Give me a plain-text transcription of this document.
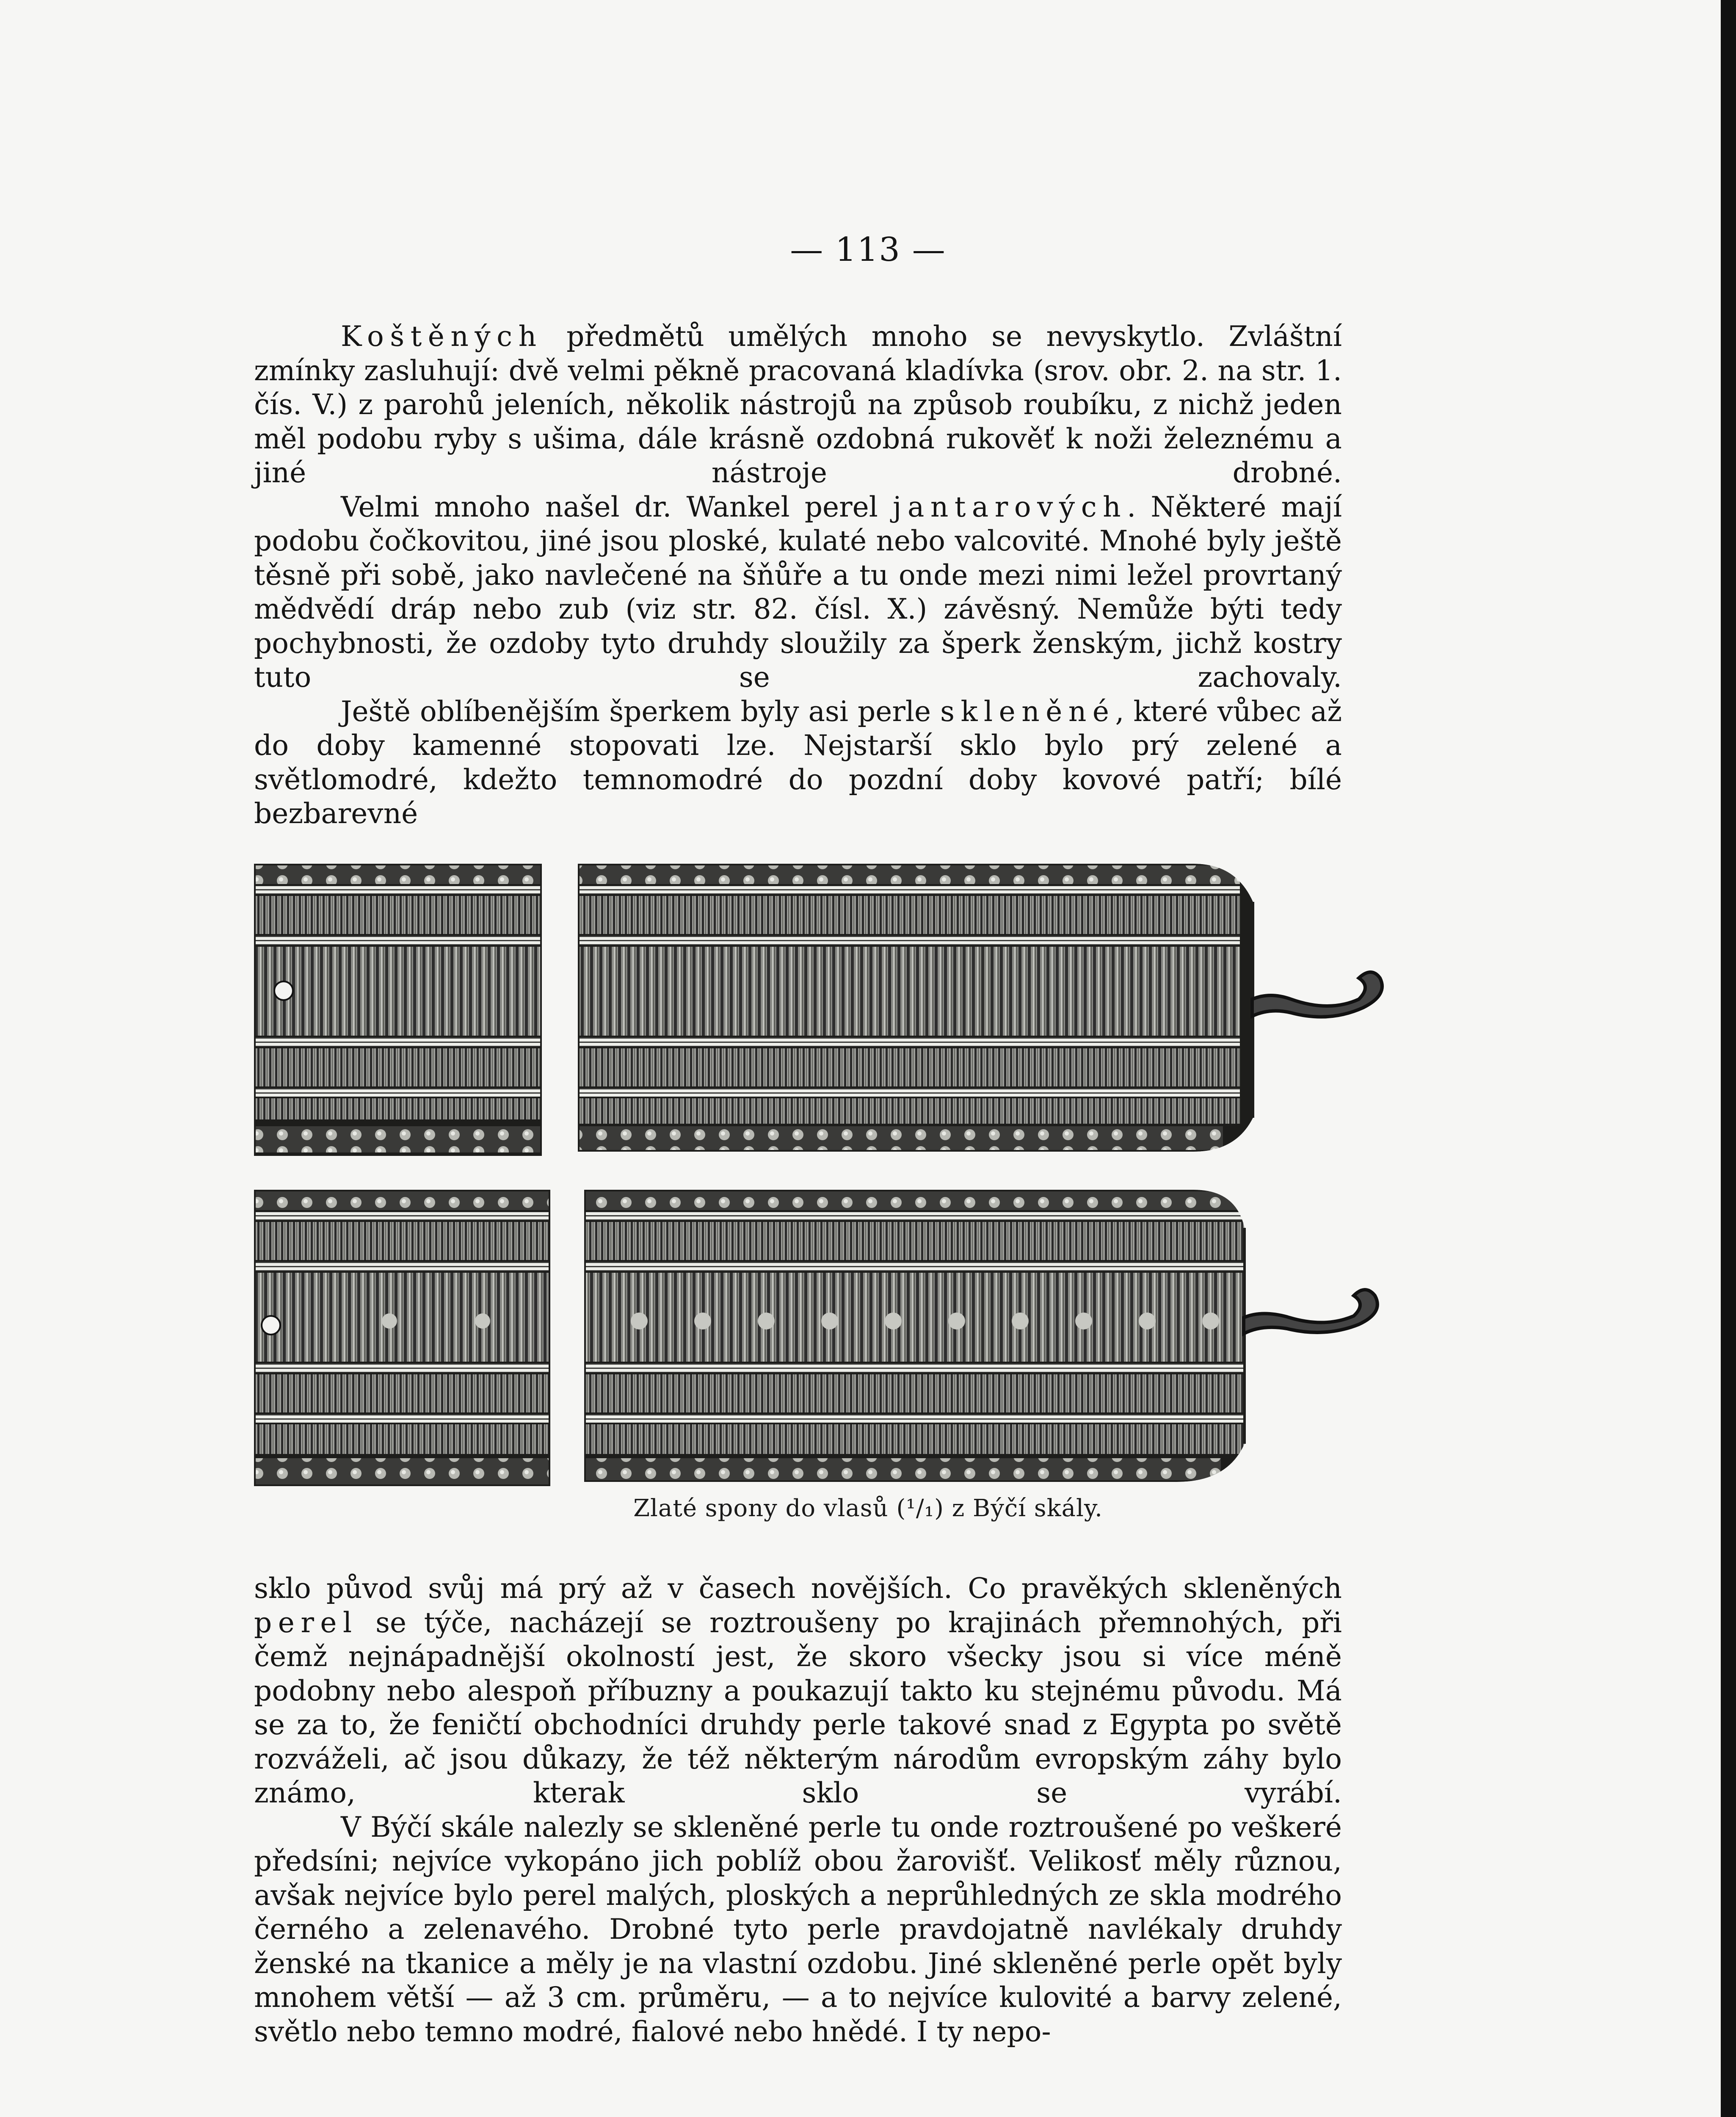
— 113 —

Koštěných předmětů umělých mnoho se nevyskytlo. Zvláštní zmínky zasluhují: dvě velmi pěkně pracovaná kladívka (srov. obr. 2. na str. 1. čís. V.) z parohů jeleních, několik nástrojů na způsob roubíku, z nichž jeden měl podobu ryby s ušima, dále krásně ozdobná rukověť k noži železnému a jiné nástroje drobné.

Velmi mnoho našel dr. Wankel perel jantarových. Některé mají podobu čočkovitou, jiné jsou ploské, kulaté nebo valcovité. Mnohé byly ještě těsně při sobě, jako navlečené na šňůře a tu onde mezi nimi ležel provrtaný mědvědí dráp nebo zub (viz str. 82. čísl. X.) závěsný. Nemůže býti tedy pochybnosti, že ozdoby tyto druhdy sloužily za šperk ženským, jichž kostry tuto se zachovaly.

Ještě oblíbenějším šperkem byly asi perle skleněné, které vůbec až do doby kamenné stopovati lze. Nejstarší sklo bylo prý zelené a světlomodré, kdežto temnomodré do pozdní doby kovové patří; bílé bezbarevné

Zlaté spony do vlasů (¹/₁) z Býčí skály.

sklo původ svůj má prý až v časech novějších. Co pravěkých skleněných perel se týče, nacházejí se roztroušeny po krajinách přemnohých, při čemž nejnápadnější okolností jest, že skoro všecky jsou si více méně podobny nebo alespoň příbuzny a poukazují takto ku stejnému původu. Má se za to, že feničtí obchodníci druhdy perle takové snad z Egypta po světě rozváželi, ač jsou důkazy, že též některým národům evropským záhy bylo známo, kterak sklo se vyrábí.

V Býčí skále nalezly se skleněné perle tu onde roztroušené po veškeré předsíni; nejvíce vykopáno jich poblíž obou žarovišť. Velikosť měly různou, avšak nejvíce bylo perel malých, ploských a neprůhledných ze skla modrého černého a zelenavého. Drobné tyto perle pravdojatně navlékaly druhdy ženské na tkanice a měly je na vlastní ozdobu. Jiné skleněné perle opět byly mnohem větší — až 3 cm. průměru, — a to nejvíce kulovité a barvy zelené, světlo nebo temno modré, fialové nebo hnědé. I ty nepo-
